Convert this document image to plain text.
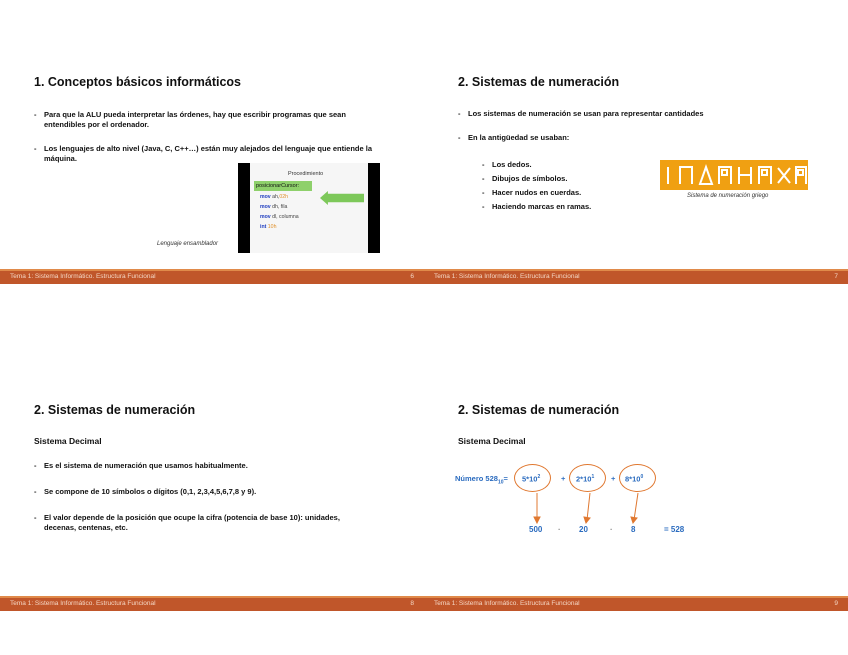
1. Conceptos básicos informáticos
- Para que la ALU pueda interpretar las órdenes, hay que escribir programas que sean entendibles por el ordenador.
- Los lenguajes de alto nivel (Java, C, C++…) están muy alejados del lenguaje que entiende la máquina.
Procedimiento
posicionarCursor:
mov ah,02h
mov dh, fila
mov dl, columna
int 10h
Lenguaje ensamblador
Tema 1: Sistema Informático. Estructura Funcional	6
2. Sistemas de numeración
- Los sistemas de numeración se usan para representar cantidades
- En la antigüedad se usaban:
- Los dedos.
- Dibujos de símbolos.
- Hacer nudos en cuerdas.
- Haciendo marcas en ramas.
Sistema de numeración griego
Tema 1: Sistema Informático. Estructura Funcional	7
2. Sistemas de numeración
Sistema Decimal
- Es el sistema de numeración que usamos habitualmente.
- Se compone de 10 símbolos o dígitos (0,1, 2,3,4,5,6,7,8 y 9).
- El valor depende de la posición que ocupe la cifra (potencia de base 10): unidades, decenas, centenas, etc.
Tema 1: Sistema Informático. Estructura Funcional	8
2. Sistemas de numeración
Sistema Decimal
Número $528_{10}= 5*10^2$	+ $2*10^1 + 8*10^0$
500 · 20	· 8	= 528
Tema 1: Sistema Informático. Estructura Funcional	9
